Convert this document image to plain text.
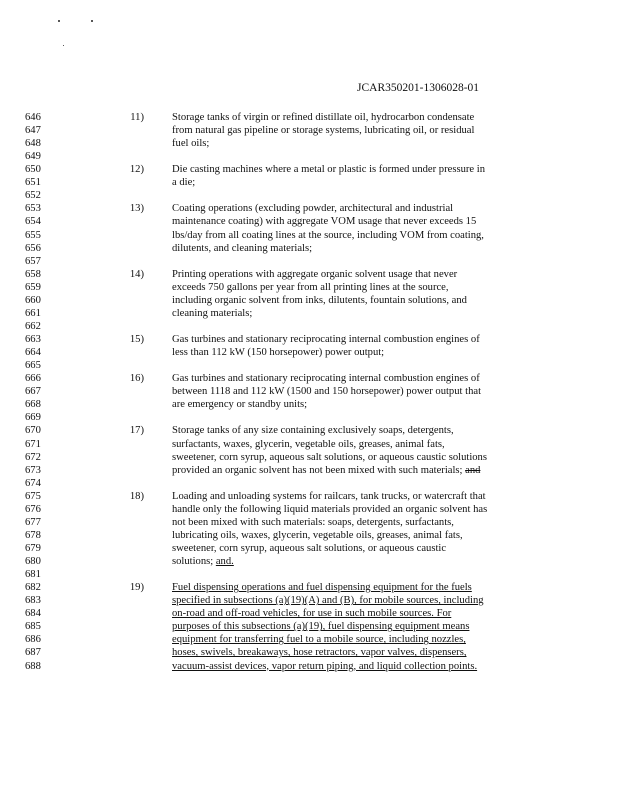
JCAR350201-1306028-01
646	11)	Storage tanks of virgin or refined distillate oil, hydrocarbon condensate
647	from natural gas pipeline or storage systems, lubricating oil, or residual
648	fuel oils;
649
650	12)	Die casting machines where a metal or plastic is formed under pressure in
651	a die;
652
653	13)	Coating operations (excluding powder, architectural and industrial
654	maintenance coating) with aggregate VOM usage that never exceeds 15
655	lbs/day from all coating lines at the source, including VOM from coating,
656	dilutents, and cleaning materials;
657
658	14)	Printing operations with aggregate organic solvent usage that never
659	exceeds 750 gallons per year from all printing lines at the source,
660	including organic solvent from inks, dilutents, fountain solutions, and
661	cleaning materials;
662
663	15)	Gas turbines and stationary reciprocating internal combustion engines of
664	less than 112 kW (150 horsepower) power output;
665
666	16)	Gas turbines and stationary reciprocating internal combustion engines of
667	between 1118 and 112 kW (1500 and 150 horsepower) power output that
668	are emergency or standby units;
669
670	17)	Storage tanks of any size containing exclusively soaps, detergents,
671	surfactants, waxes, glycerin, vegetable oils, greases, animal fats,
672	sweetener, corn syrup, aqueous salt solutions, or aqueous caustic solutions
673	provided an organic solvent has not been mixed with such materials; and
674
675	18)	Loading and unloading systems for railcars, tank trucks, or watercraft that
676	handle only the following liquid materials provided an organic solvent has
677	not been mixed with such materials: soaps, detergents, surfactants,
678	lubricating oils, waxes, glycerin, vegetable oils, greases, animal fats,
679	sweetener, corn syrup, aqueous salt solutions, or aqueous caustic
680	solutions; and.
681
682	19)	Fuel dispensing operations and fuel dispensing equipment for the fuels
683	specified in subsections (a)(19)(A) and (B), for mobile sources, including
684	on-road and off-road vehicles, for use in such mobile sources. For
685	purposes of this subsections (a)(19), fuel dispensing equipment means
686	equipment for transferring fuel to a mobile source, including nozzles,
687	hoses, swivels, breakaways, hose retractors, vapor valves, dispensers,
688	vacuum-assist devices, vapor return piping, and liquid collection points.
